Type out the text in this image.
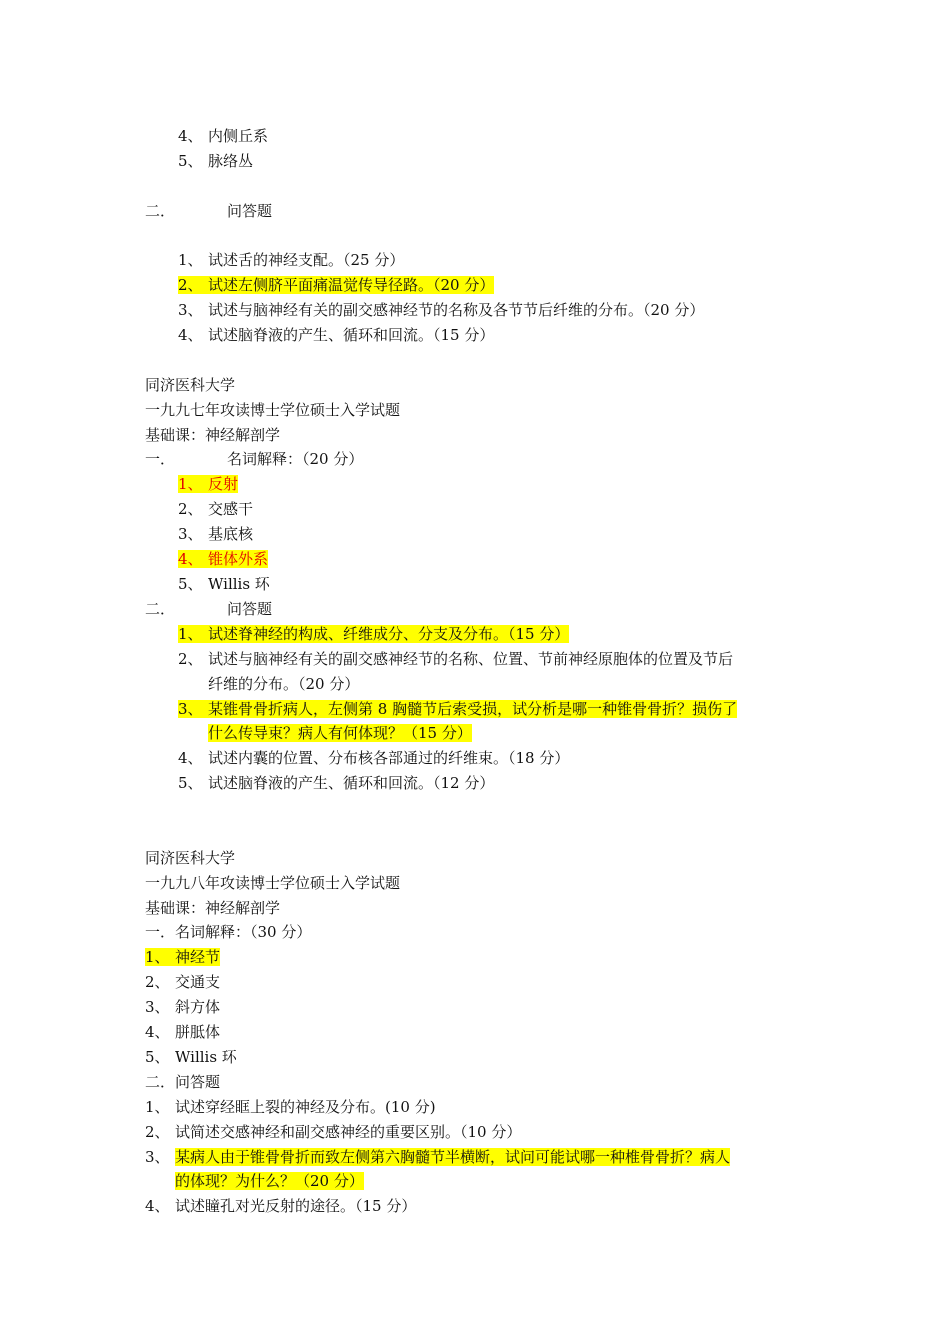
4、 内侧丘系
5、 脉络丛
二．	问答题
1、 试述舌的神经支配。（25 分）
2、 试述左侧脐平面痛温觉传导径路。（20 分）
3、 试述与脑神经有关的副交感神经节的名称及各节节后纤维的分布。（20 分）
4、 试述脑脊液的产生、循环和回流。（15 分）
同济医科大学
一九九七年攻读博士学位硕士入学试题
基础课：神经解剖学
一．	名词解释：（20 分）
1、 反射
2、 交感干
3、 基底核
4、 锥体外系
5、 Willis 环
二．	问答题
1、 试述脊神经的构成、纤维成分、分支及分布。（15 分）
2、 试述与脑神经有关的副交感神经节的名称、位置、节前神经原胞体的位置及节后
纤维的分布。（20 分）
3、 某锥骨骨折病人，左侧第 8 胸髓节后索受损，试分析是哪一种锥骨骨折？损伤了
什么传导束？病人有何体现？（15 分）
4、 试述内囊的位置、分布核各部通过的纤维束。（18 分）
5、 试述脑脊液的产生、循环和回流。（12 分）
同济医科大学
一九九八年攻读博士学位硕士入学试题
基础课：神经解剖学
一．名词解释：（30 分）
1、 神经节
2、 交通支
3、 斜方体
4、 胼胝体
5、 Willis 环
二．问答题
1、 试述穿经眶上裂的神经及分布。(10 分)
2、 试简述交感神经和副交感神经的重要区别。（10 分）
3、 某病人由于锥骨骨折而致左侧第六胸髓节半横断，试问可能试哪一种椎骨骨折？病人
的体现？为什么？（20 分）
4、 试述瞳孔对光反射的途径。（15 分）
